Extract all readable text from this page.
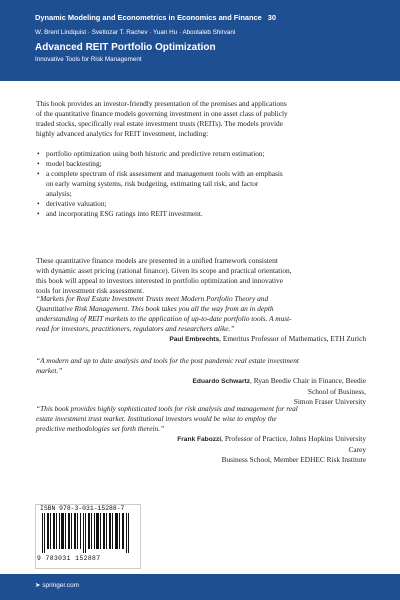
Dynamic Modeling and Econometrics in Economics and Finance 30
W. Brent Lindquist · Svetlozar T. Rachev · Yuan Hu · Abootaleb Shirvani
Advanced REIT Portfolio Optimization
Innovative Tools for Risk Management
This book provides an investor-friendly presentation of the premises and applications
of the quantitative finance models governing investment in one asset class of publicly
traded stocks, specifically real estate investment trusts (REITs). The models provide
highly advanced analytics for REIT investment, including:
• portfolio optimization using both historic and predictive return estimation;
• model backtesting;
• a complete spectrum of risk assessment and management tools with an emphasis
on early warning systems, risk budgeting, estimating tail risk, and factor
analysis;
• derivative valuation;
• and incorporating ESG ratings into REIT investment.
These quantitative finance models are presented in a unified framework consistent
with dynamic asset pricing (rational finance). Given its scope and practical orientation,
this book will appeal to investors interested in portfolio optimization and innovative
tools for investment risk assessment.
“Markets for Real Estate Investment Trusts meet Modern Portfolio Theory and
Quantitative Risk Management. This book takes you all the way from an in depth
understanding of REIT markets to the application of up-to-date portfolio tools. A must-
read for investors, practitioners, regulators and researchers alike.”
Paul Embrechts, Emeritus Professor of Mathematics, ETH Zurich
“A modern and up to date analysis and tools for the post pandemic real estate investment
market.”
Eduardo Schwartz, Ryan Beedie Chair in Finance, Beedie School of Business,
Simon Fraser University
“This book provides highly sophisticated tools for risk analysis and management for real
estate investment trust market. Institutional investors would be wise to employ the
predictive methodologies set forth therein.”
Frank Fabozzi, Professor of Practice, Johns Hopkins University Carey
Business School, Member EDHEC Risk Institute
ISBN 978-3-031-15288-7
9 783031 152887
➤ springer.com
